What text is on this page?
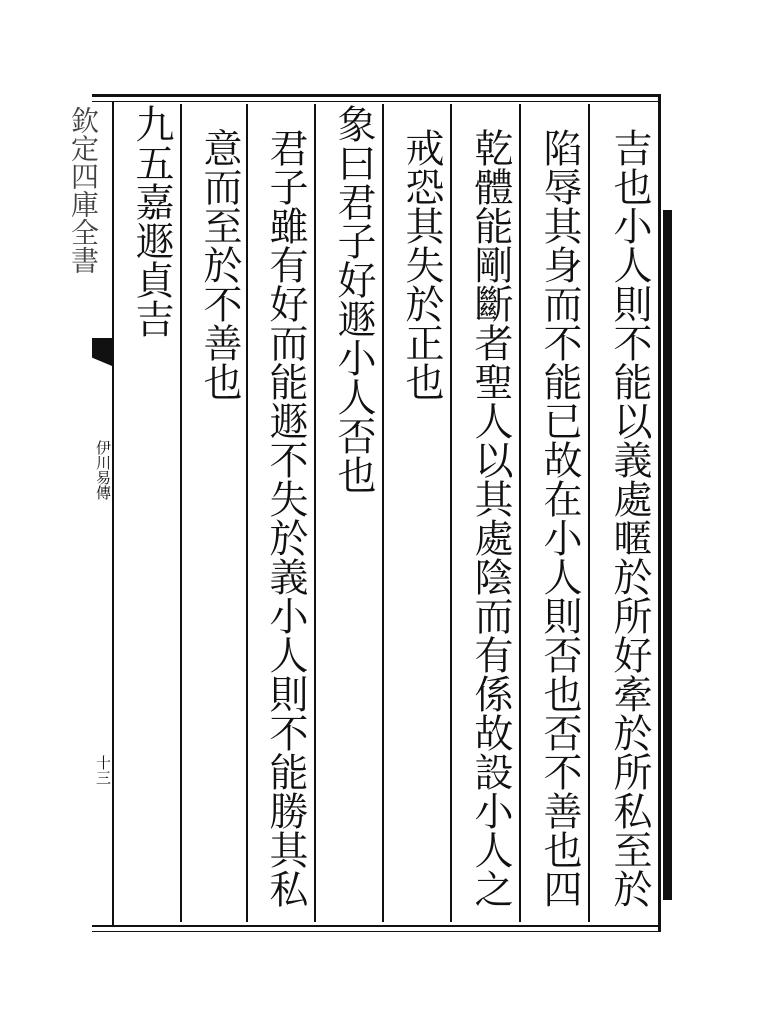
欽定四庫全書
伊川易傳
十三	吉也小人則不能以義處暱於所好牽於所私至於
陷辱其身而不能已故在小人則否也否不善也四
乾體能剛斷者聖人以其處陰而有係故設小人之
戒恐其失於正也
象曰君子好遯小人否也
君子雖有好而能遯不失於義小人則不能勝其私
意而至於不善也
九五嘉遯貞吉
